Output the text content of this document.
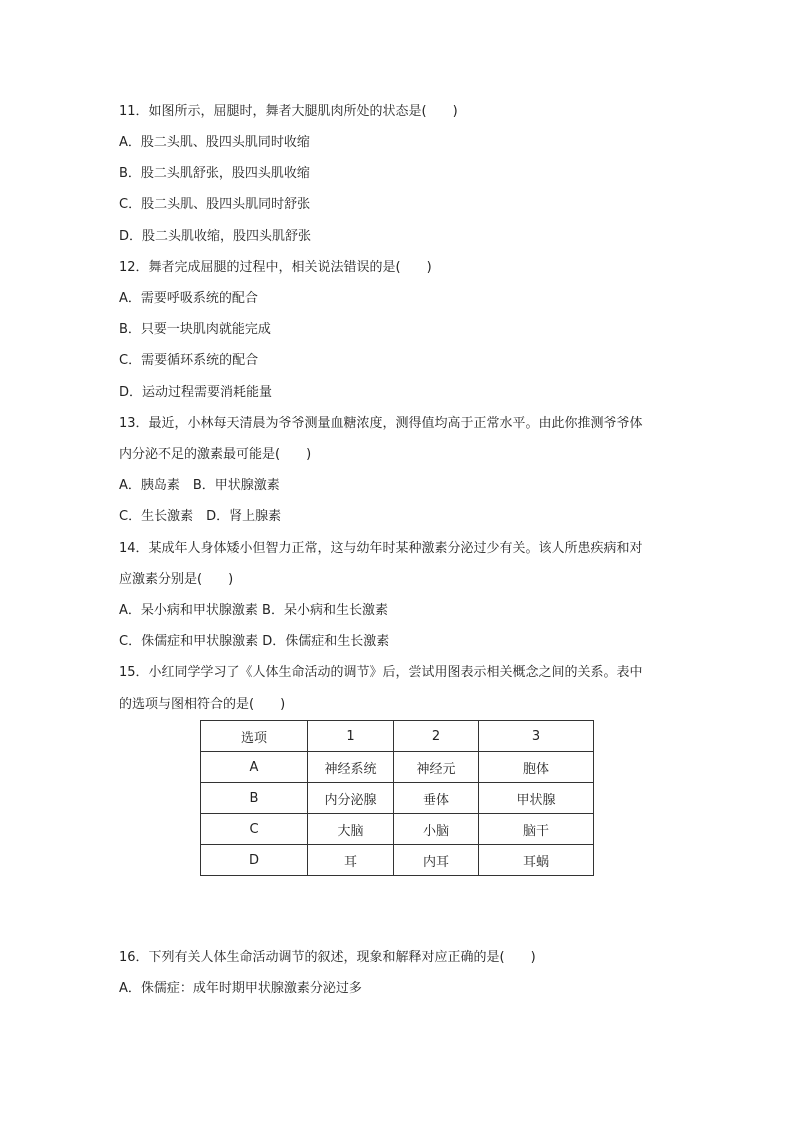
11．如图所示，屈腿时，舞者大腿肌肉所处的状态是(　　)
A．股二头肌、股四头肌同时收缩
B．股二头肌舒张，股四头肌收缩
C．股二头肌、股四头肌同时舒张
D．股二头肌收缩，股四头肌舒张
12．舞者完成屈腿的过程中，相关说法错误的是(　　)
A．需要呼吸系统的配合
B．只要一块肌肉就能完成
C．需要循环系统的配合
D．运动过程需要消耗能量
13．最近，小林每天清晨为爷爷测量血糖浓度，测得值均高于正常水平。由此你推测爷爷体
内分泌不足的激素最可能是(　　)
A．胰岛素　B．甲状腺激素
C．生长激素　D．肾上腺素
14．某成年人身体矮小但智力正常，这与幼年时某种激素分泌过少有关。该人所患疾病和对
应激素分别是(　　)
A．呆小病和甲状腺激素 B．呆小病和生长激素
C．侏儒症和甲状腺激素 D．侏儒症和生长激素
15．小红同学学习了《人体生命活动的调节》后，尝试用图表示相关概念之间的关系。表中
的选项与图相符合的是(　　)
选项	1	2	3
A	神经系统	神经元	胞体
B	内分泌腺	垂体	甲状腺
C	大脑	小脑	脑干
D	耳	内耳	耳蜗
16．下列有关人体生命活动调节的叙述，现象和解释对应正确的是(　　)
A．侏儒症：成年时期甲状腺激素分泌过多
